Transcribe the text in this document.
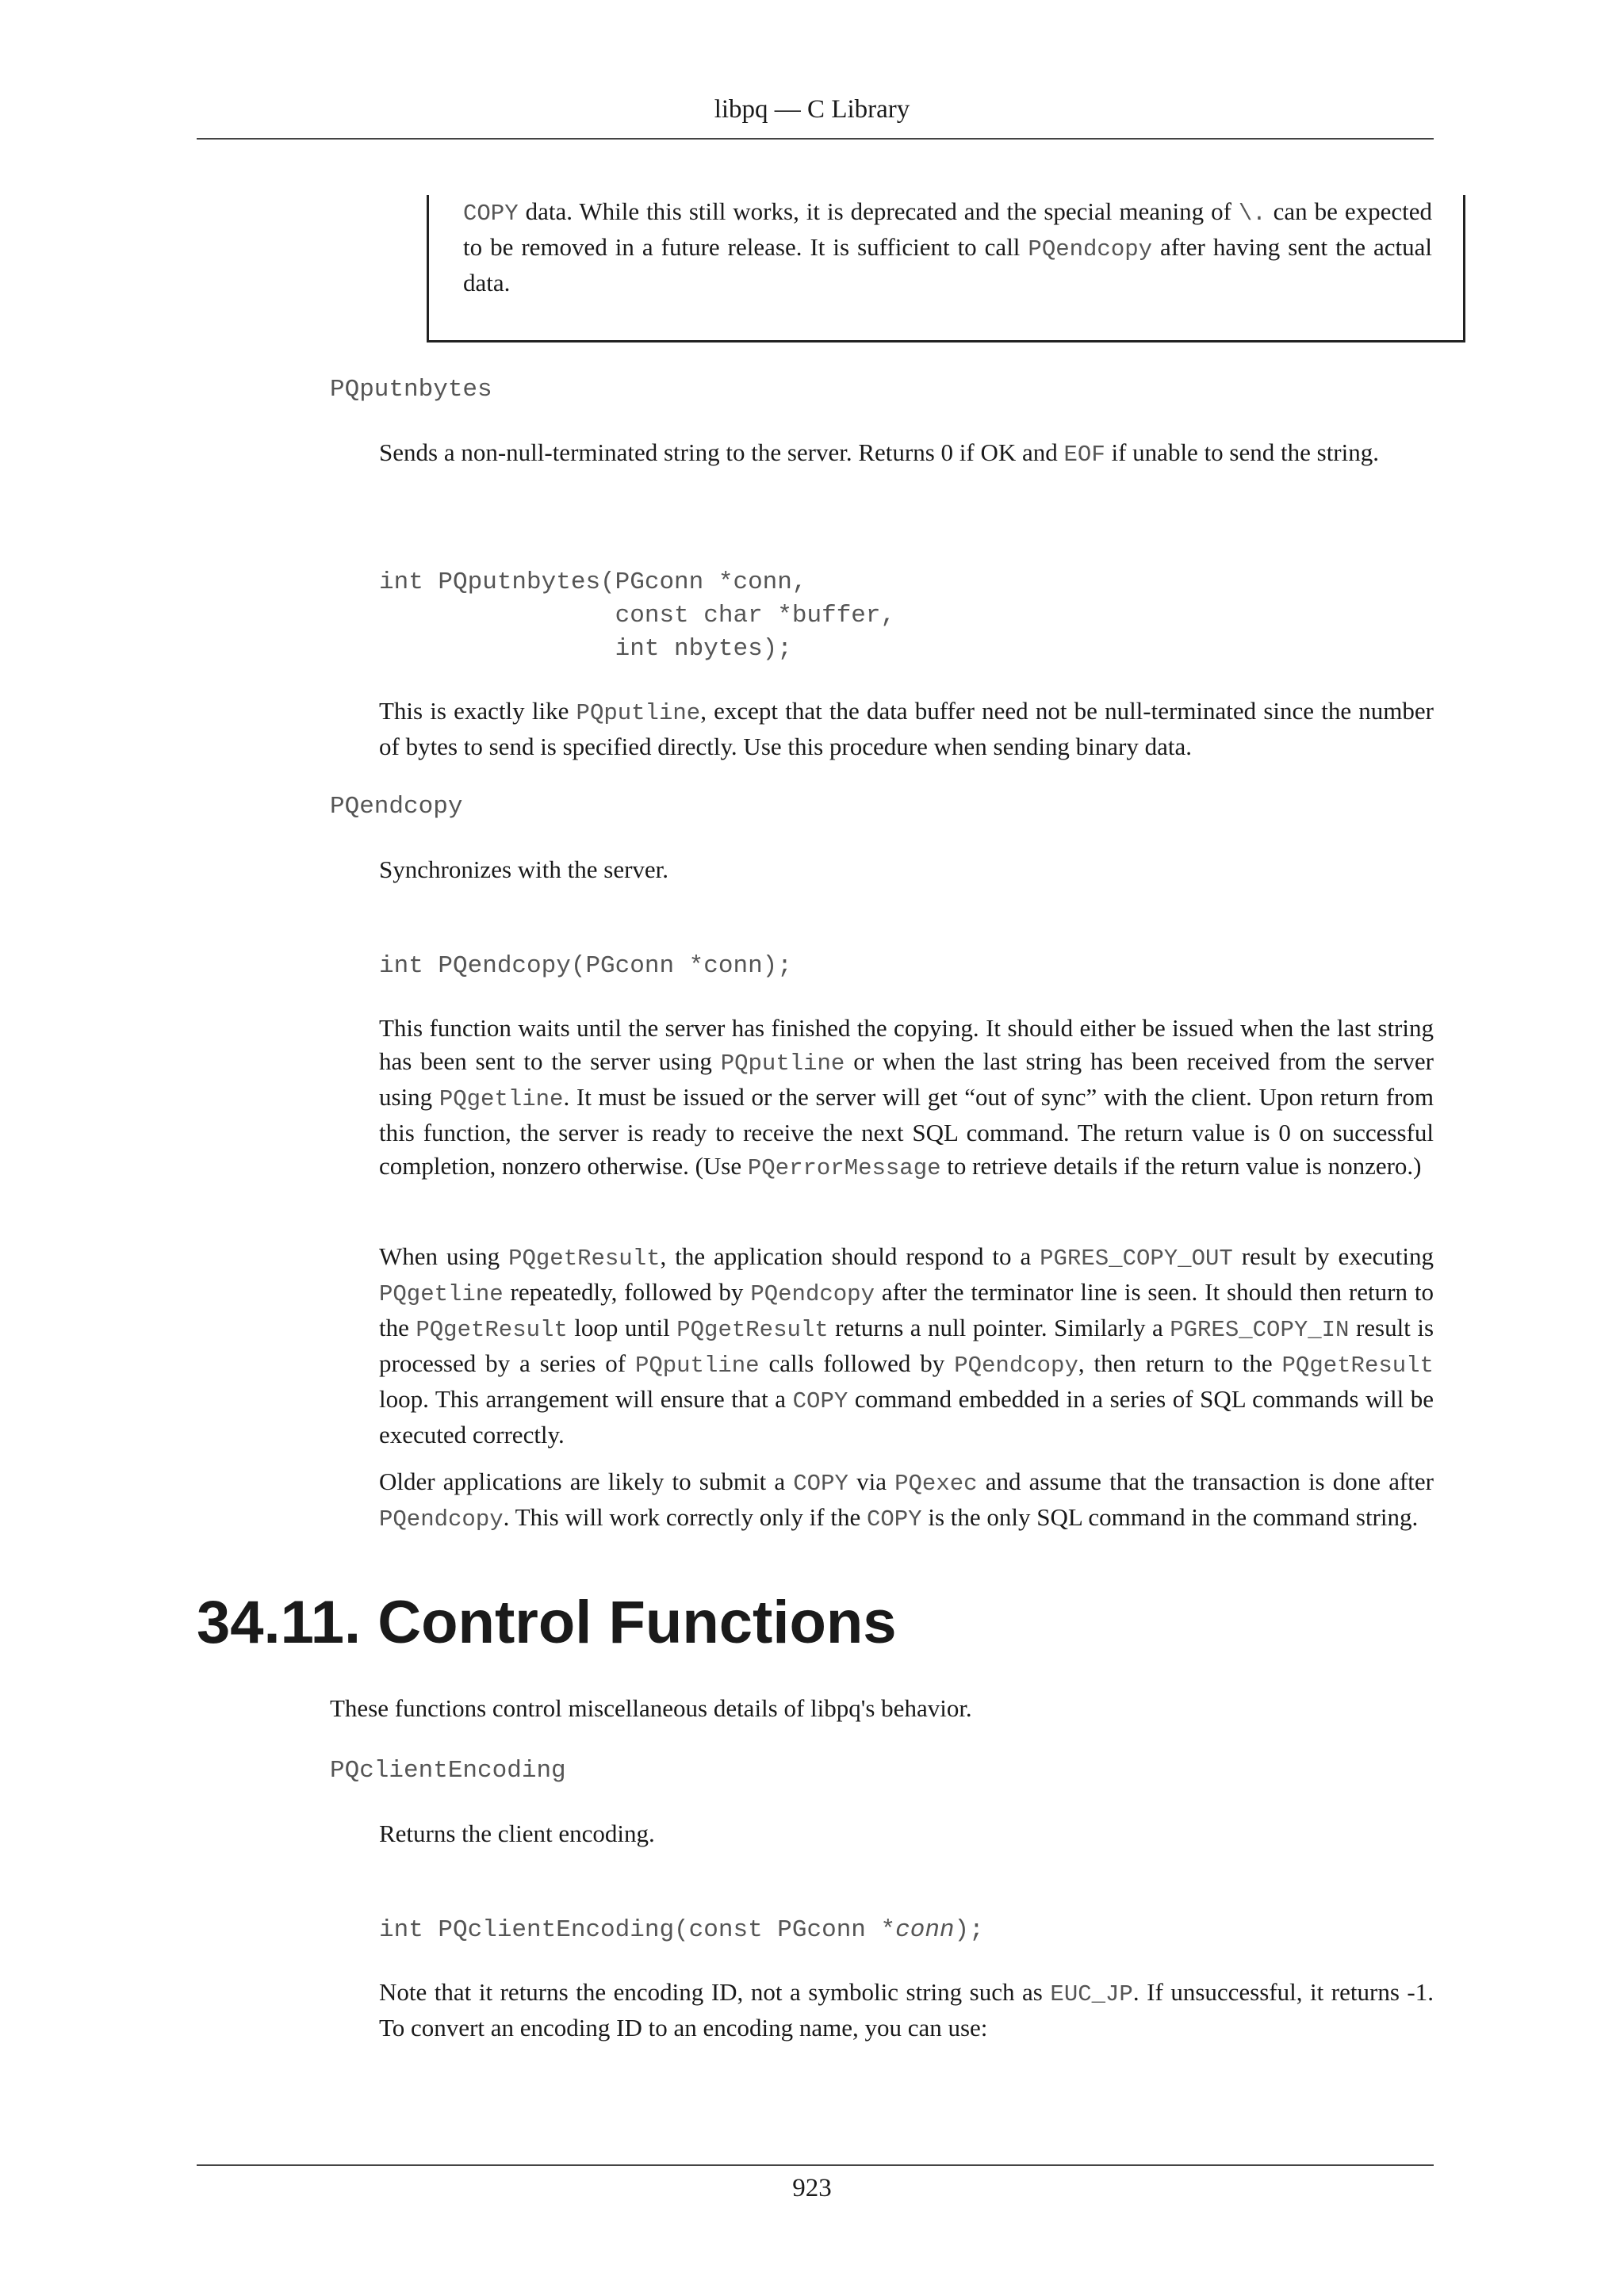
libpq — C Library

COPY data. While this still works, it is deprecated and the special meaning of \. can be expected to be removed in a future release. It is sufficient to call PQendcopy after having sent the actual data.

PQputnbytes

Sends a non-null-terminated string to the server. Returns 0 if OK and EOF if unable to send the string.

int PQputnbytes(PGconn *conn,
const char *buffer,
int nbytes);

This is exactly like PQputline, except that the data buffer need not be null-terminated since the number of bytes to send is specified directly. Use this procedure when sending binary data.

PQendcopy

Synchronizes with the server.

int PQendcopy(PGconn *conn);

This function waits until the server has finished the copying. It should either be issued when the last string has been sent to the server using PQputline or when the last string has been received from the server using PQgetline. It must be issued or the server will get “out of sync” with the client. Upon return from this function, the server is ready to receive the next SQL command. The return value is 0 on successful completion, nonzero otherwise. (Use PQerrorMessage to retrieve details if the return value is nonzero.)

When using PQgetResult, the application should respond to a PGRES_COPY_OUT result by executing PQgetline repeatedly, followed by PQendcopy after the terminator line is seen. It should then return to the PQgetResult loop until PQgetResult returns a null pointer. Similarly a PGRES_COPY_IN result is processed by a series of PQputline calls followed by PQendcopy, then return to the PQgetResult loop. This arrangement will ensure that a COPY command embedded in a series of SQL commands will be executed correctly.

Older applications are likely to submit a COPY via PQexec and assume that the transaction is done after PQendcopy. This will work correctly only if the COPY is the only SQL command in the command string.

34.11. Control Functions

These functions control miscellaneous details of libpq's behavior.

PQclientEncoding

Returns the client encoding.

int PQclientEncoding(const PGconn *conn);

Note that it returns the encoding ID, not a symbolic string such as EUC_JP. If unsuccessful, it returns -1. To convert an encoding ID to an encoding name, you can use:

923
